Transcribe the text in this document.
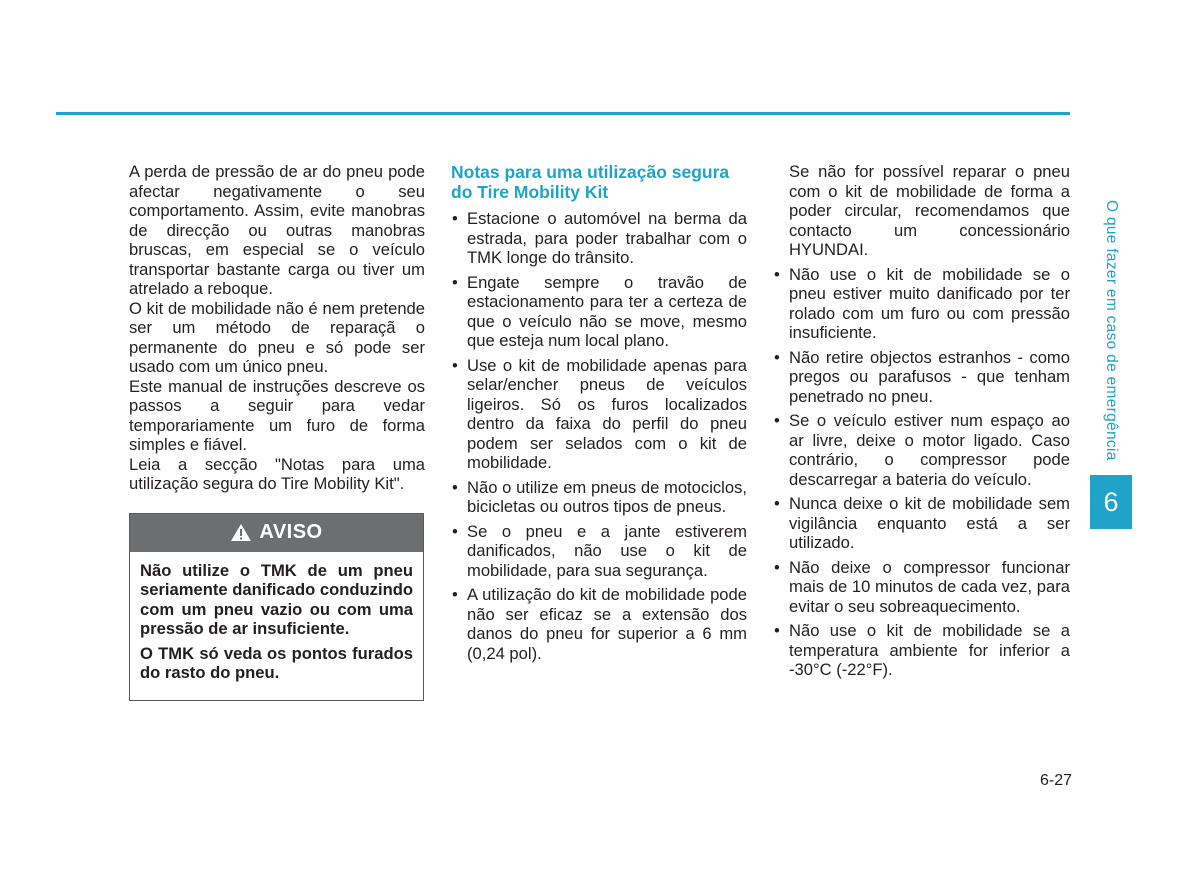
A perda de pressão de ar do pneu pode afectar negativamente o seu comportamento. Assim, evite manobras de direcção ou outras manobras bruscas, em especial se o veículo transportar bastante carga ou tiver um atrelado a reboque.

O kit de mobilidade não é nem pretende ser um método de reparaçã o permanente do pneu e só pode ser usado com um único pneu.

Este manual de instruções descreve os passos a seguir para vedar temporariamente um furo de forma simples e fiável.

Leia a secção "Notas para uma utilização segura do Tire Mobility Kit".

AVISO

Não utilize o TMK de um pneu seriamente danificado conduzindo com um pneu vazio ou com uma pressão de ar insuficiente.

O TMK só veda os pontos furados do rasto do pneu.

Notas para uma utilização segura do Tire Mobility Kit
• Estacione o automóvel na berma da estrada, para poder trabalhar com o TMK longe do trânsito.
• Engate sempre o travão de estacionamento para ter a certeza de que o veículo não se move, mesmo que esteja num local plano.
• Use o kit de mobilidade apenas para selar/encher pneus de veículos ligeiros. Só os furos localizados dentro da faixa do perfil do pneu podem ser selados com o kit de mobilidade.
• Não o utilize em pneus de motociclos, bicicletas ou outros tipos de pneus.
• Se o pneu e a jante estiverem danificados, não use o kit de mobilidade, para sua segurança.
• A utilização do kit de mobilidade pode não ser eficaz se a extensão dos danos do pneu for superior a 6 mm (0,24 pol).

Se não for possível reparar o pneu com o kit de mobilidade de forma a poder circular, recomendamos que contacto um concessionário HYUNDAI.

• Não use o kit de mobilidade se o pneu estiver muito danificado por ter rolado com um furo ou com pressão insuficiente.
• Não retire objectos estranhos - como pregos ou parafusos - que tenham penetrado no pneu.
• Se o veículo estiver num espaço ao ar livre, deixe o motor ligado. Caso contrário, o compressor pode descarregar a bateria do veículo.
• Nunca deixe o kit de mobilidade sem vigilância enquanto está a ser utilizado.
• Não deixe o compressor funcionar mais de 10 minutos de cada vez, para evitar o seu sobreaquecimento.
• Não use o kit de mobilidade se a temperatura ambiente for inferior a -30°C (-22°F).
O que fazer em caso de emergência
6
6-27
